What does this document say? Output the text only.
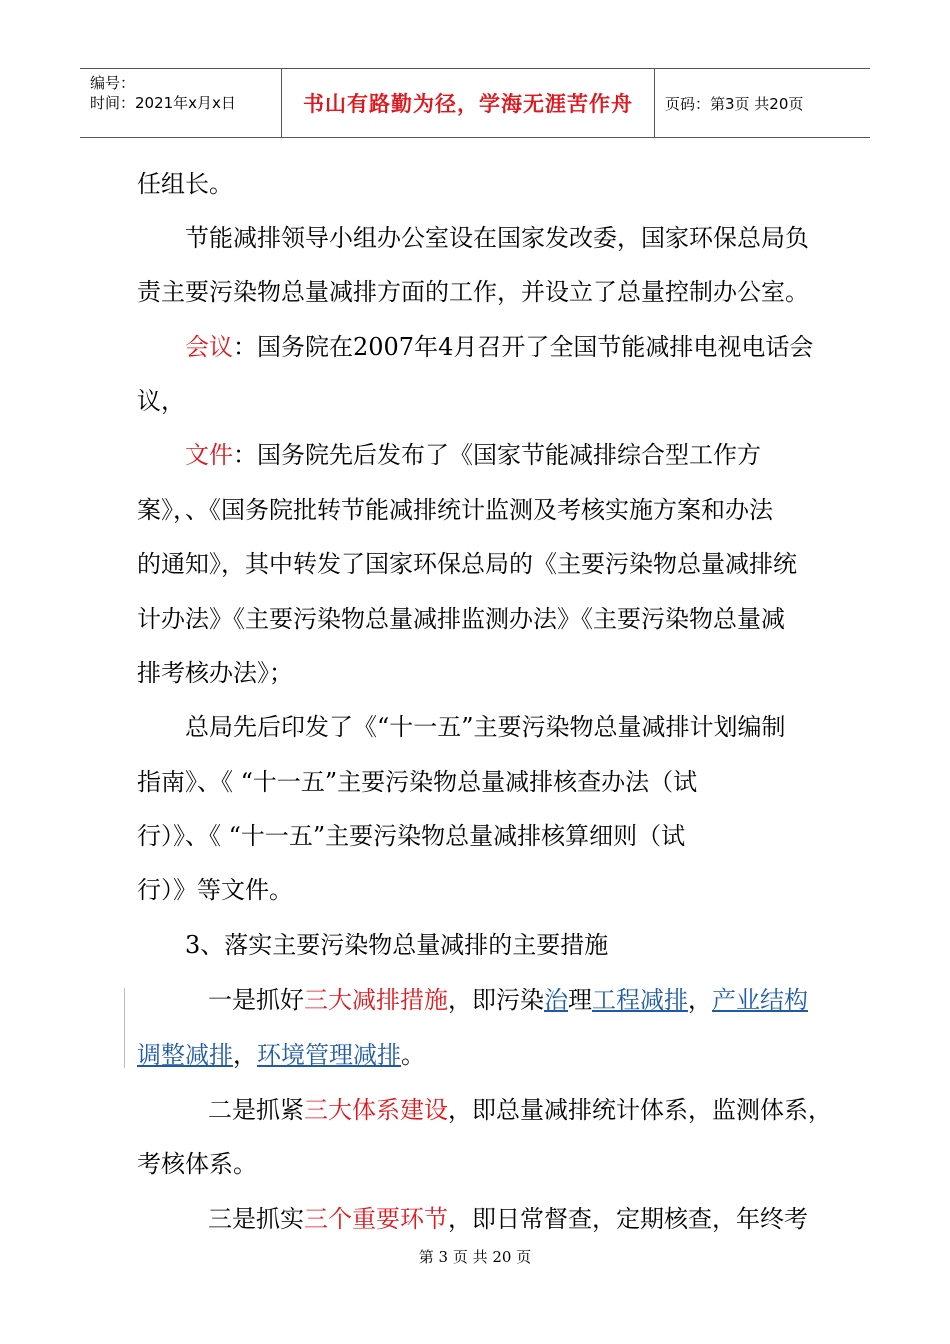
编号：
时间：2021年x月x日	书山有路勤为径，学海无涯苦作舟	页码：第3页 共20页
任组长。
节能减排领导小组办公室设在国家发改委，国家环保总局负
责主要污染物总量减排方面的工作，并设立了总量控制办公室。
会议：国务院在2007年4月召开了全国节能减排电视电话会
议，
文件：国务院先后发布了《国家节能减排综合型工作方
案》，、《国务院批转节能减排统计监测及考核实施方案和办法
的通知》，其中转发了国家环保总局的《主要污染物总量减排统
计办法》《主要污染物总量减排监测办法》《主要污染物总量减
排考核办法》；
总局先后印发了《“十一五”主要污染物总量减排计划编制
指南》、《 “十一五”主要污染物总量减排核查办法（试
行）》、《 “十一五”主要污染物总量减排核算细则（试
行）》等文件。
3、落实主要污染物总量减排的主要措施
一是抓好三大减排措施，即污染治理工程减排，产业结构
调整减排，环境管理减排。
二是抓紧三大体系建设，即总量减排统计体系，监测体系，
考核体系。
三是抓实三个重要环节，即日常督查，定期核查，年终考
第 3 页 共 20 页
